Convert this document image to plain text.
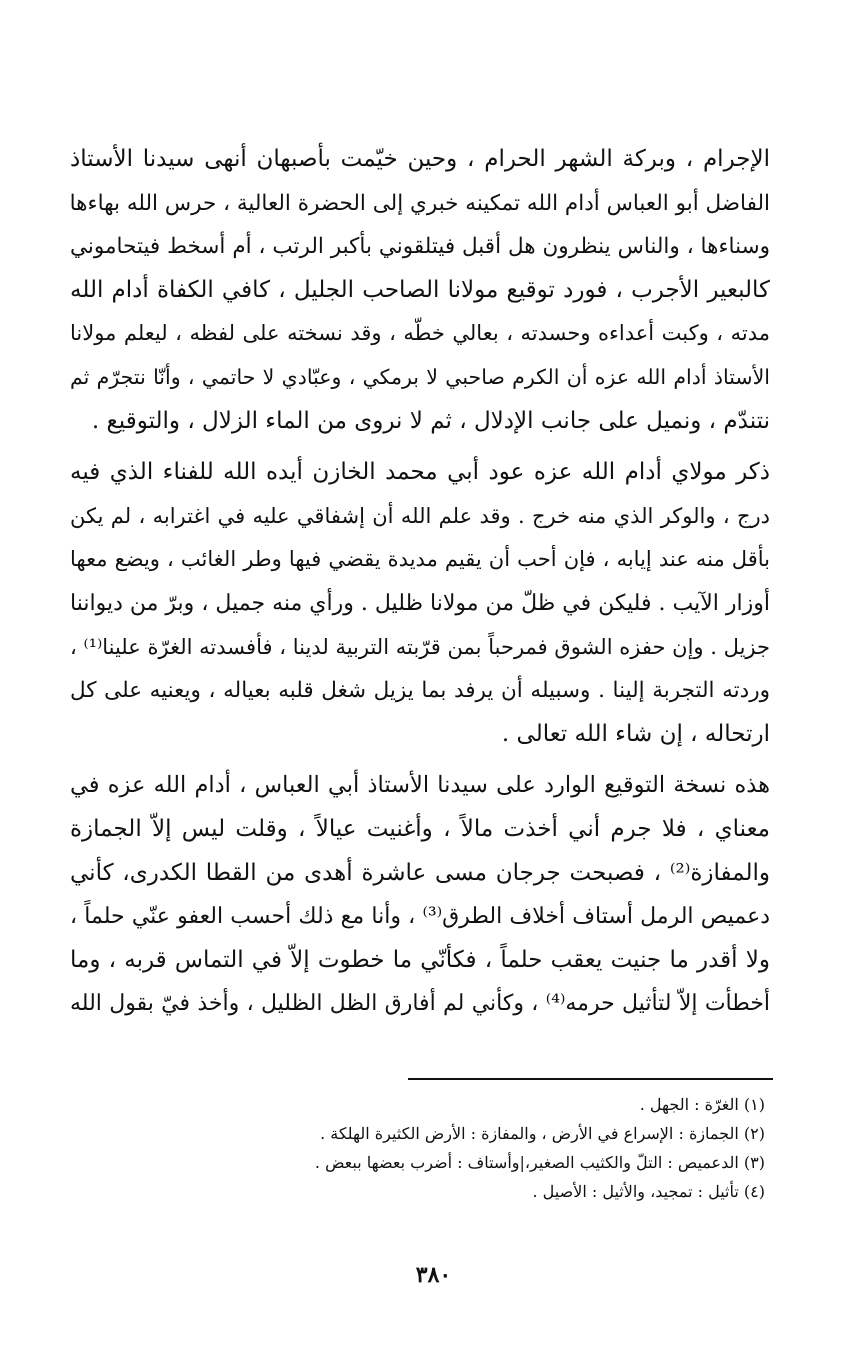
الإجرام ، وبركة الشهر الحرام ، وحين خيّمت بأصبهان أنهى سيدنا الأستاذ
الفاضل أبو العباس أدام الله تمكينه خبري إلى الحضرة العالية ، حرس الله بهاءها
وسناءها ، والناس ينظرون هل أقبل فيتلقوني بأكبر الرتب ، أم أسخط فيتحاموني
كالبعير الأجرب ، فورد توقيع مولانا الصاحب الجليل ، كافي الكفاة أدام الله
مدته ، وكبت أعداءه وحسدته ، بعالي خطّه ، وقد نسخته على لفظه ، ليعلم مولانا
الأستاذ أدام الله عزه أن الكرم صاحبي لا برمكي ، وعبّادي لا حاتمي ، وأنّا نتجرّم ثم
نتندّم ، ونميل على جانب الإدلال ، ثم لا نروى من الماء الزلال ، والتوقيع .
ذكر مولاي أدام الله عزه عود أبي محمد الخازن أيده الله للفناء الذي فيه
درج ، والوكر الذي منه خرج . وقد علم الله أن إشفاقي عليه في اغترابه ، لم يكن
بأقل منه عند إيابه ، فإن أحب أن يقيم مديدة يقضي فيها وطر الغائب ، ويضع معها
أوزار الآيب . فليكن في ظلّ من مولانا ظليل . ورأي منه جميل ، وبرّ من ديواننا
جزيل . وإن حفزه الشوق فمرحباً بمن قرّبته التربية لدينا ، فأفسدته الغرّة علينا⁽¹⁾ ،
وردته التجربة إلينا . وسبيله أن يرفد بما يزيل شغل قلبه بعياله ، ويعنيه على كل
ارتحاله ، إن شاء الله تعالى .
هذه نسخة التوقيع الوارد على سيدنا الأستاذ أبي العباس ، أدام الله عزه في
معناي ، فلا جرم أني أخذت مالاً ، وأغنيت عيالاً ، وقلت ليس إلاّ الجمازة
والمفازة⁽²⁾ ، فصبحت جرجان مسى عاشرة أهدى من القطا الكدرى، كأني
دعميص الرمل أستاف أخلاف الطرق⁽³⁾ ، وأنا مع ذلك أحسب العفو عنّي حلماً ،
ولا أقدر ما جنيت يعقب حلماً ، فكأنّي ما خطوت إلاّ في التماس قربه ، وما
أخطأت إلاّ لتأثيل حرمه⁽⁴⁾ ، وكأني لم أفارق الظل الظليل ، وأخذ فيّ بقول الله
(١) الغرّة : الجهل .
(٢) الجمازة : الإسراع في الأرض ، والمفازة : الأرض الكثيرة الهلكة .
(٣) الدعميص : التلّ والكثيب الصغير،|وأستاف : أضرب بعضها ببعض .
(٤) تأثيل : تمجيد، والأثيل : الأصيل .
٣٨٠
